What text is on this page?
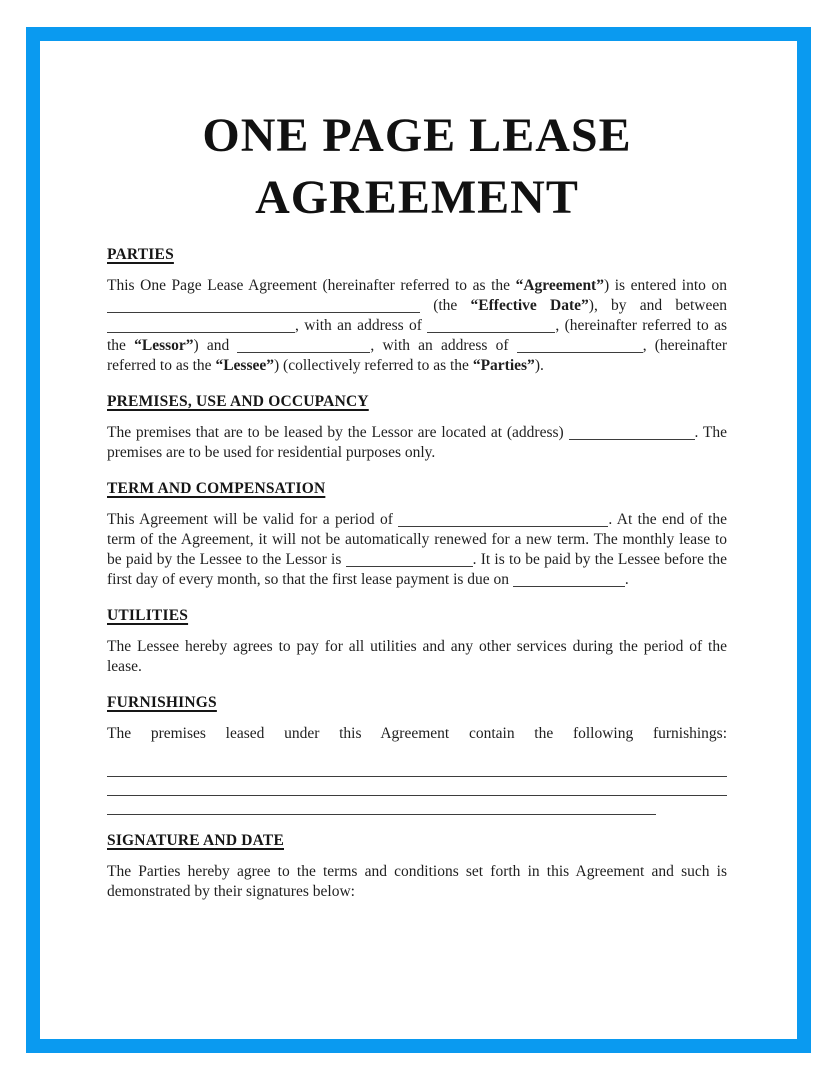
ONE PAGE LEASE
AGREEMENT
PARTIES
This One Page Lease Agreement (hereinafter referred to as the “Agreement”) is entered into on
(the “Effective Date”), by and between
, with an address of	, (hereinafter referred to as
the “Lessor”) and	, with an address of	, (hereinafter
referred to as the “Lessee”) (collectively referred to as the “Parties”).
PREMISES, USE AND OCCUPANCY
The premises that are to be leased by the Lessor are located at (address)	. The
premises are to be used for residential purposes only.
TERM AND COMPENSATION
This Agreement will be valid for a period of	. At the end of the
term of the Agreement, it will not be automatically renewed for a new term. The monthly lease to
be paid by the Lessee to the Lessor is	. It is to be paid by the Lessee before the
first day of every month, so that the first lease payment is due on	.
UTILITIES
The Lessee hereby agrees to pay for all utilities and any other services during the period of the
lease.
FURNISHINGS
The premises leased under this Agreement contain the following furnishings:
SIGNATURE AND DATE
The Parties hereby agree to the terms and conditions set forth in this Agreement and such is
demonstrated by their signatures below:
